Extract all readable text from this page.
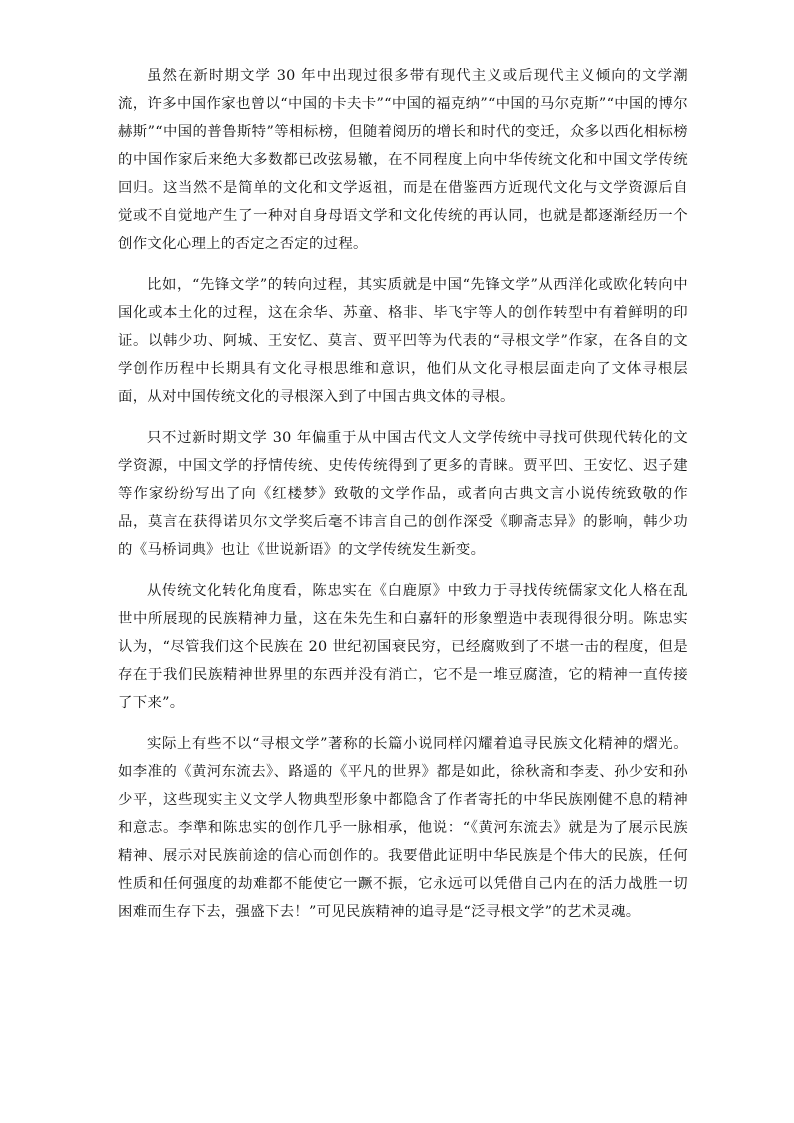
虽然在新时期文学 30 年中出现过很多带有现代主义或后现代主义倾向的文学潮流，许多中国作家也曾以“中国的卡夫卡”“中国的福克纳”“中国的马尔克斯”“中国的博尔赫斯”“中国的普鲁斯特”等相标榜，但随着阅历的增长和时代的变迁，众多以西化相标榜的中国作家后来绝大多数都已改弦易辙，在不同程度上向中华传统文化和中国文学传统回归。这当然不是简单的文化和文学返祖，而是在借鉴西方近现代文化与文学资源后自觉或不自觉地产生了一种对自身母语文学和文化传统的再认同，也就是都逐渐经历一个创作文化心理上的否定之否定的过程。

比如，“先锋文学”的转向过程，其实质就是中国“先锋文学”从西洋化或欧化转向中国化或本土化的过程，这在余华、苏童、格非、毕飞宇等人的创作转型中有着鲜明的印证。以韩少功、阿城、王安忆、莫言、贾平凹等为代表的“寻根文学”作家，在各自的文学创作历程中长期具有文化寻根思维和意识，他们从文化寻根层面走向了文体寻根层面，从对中国传统文化的寻根深入到了中国古典文体的寻根。

只不过新时期文学 30 年偏重于从中国古代文人文学传统中寻找可供现代转化的文学资源，中国文学的抒情传统、史传传统得到了更多的青睐。贾平凹、王安忆、迟子建等作家纷纷写出了向《红楼梦》致敬的文学作品，或者向古典文言小说传统致敬的作品，莫言在获得诺贝尔文学奖后毫不讳言自己的创作深受《聊斋志异》的影响，韩少功的《马桥词典》也让《世说新语》的文学传统发生新变。

从传统文化转化角度看，陈忠实在《白鹿原》中致力于寻找传统儒家文化人格在乱世中所展现的民族精神力量，这在朱先生和白嘉轩的形象塑造中表现得很分明。陈忠实认为，“尽管我们这个民族在 20 世纪初国衰民穷，已经腐败到了不堪一击的程度，但是存在于我们民族精神世界里的东西并没有消亡，它不是一堆豆腐渣，它的精神一直传接了下来”。

实际上有些不以“寻根文学”著称的长篇小说同样闪耀着追寻民族文化精神的熠光。如李准的《黄河东流去》、路遥的《平凡的世界》都是如此，徐秋斋和李麦、孙少安和孙少平，这些现实主义文学人物典型形象中都隐含了作者寄托的中华民族刚健不息的精神和意志。李準和陈忠实的创作几乎一脉相承，他说：“《黄河东流去》就是为了展示民族精神、展示对民族前途的信心而创作的。我要借此证明中华民族是个伟大的民族，任何性质和任何强度的劫难都不能使它一蹶不振，它永远可以凭借自己内在的活力战胜一切困难而生存下去，强盛下去！”可见民族精神的追寻是“泛寻根文学”的艺术灵魂。
